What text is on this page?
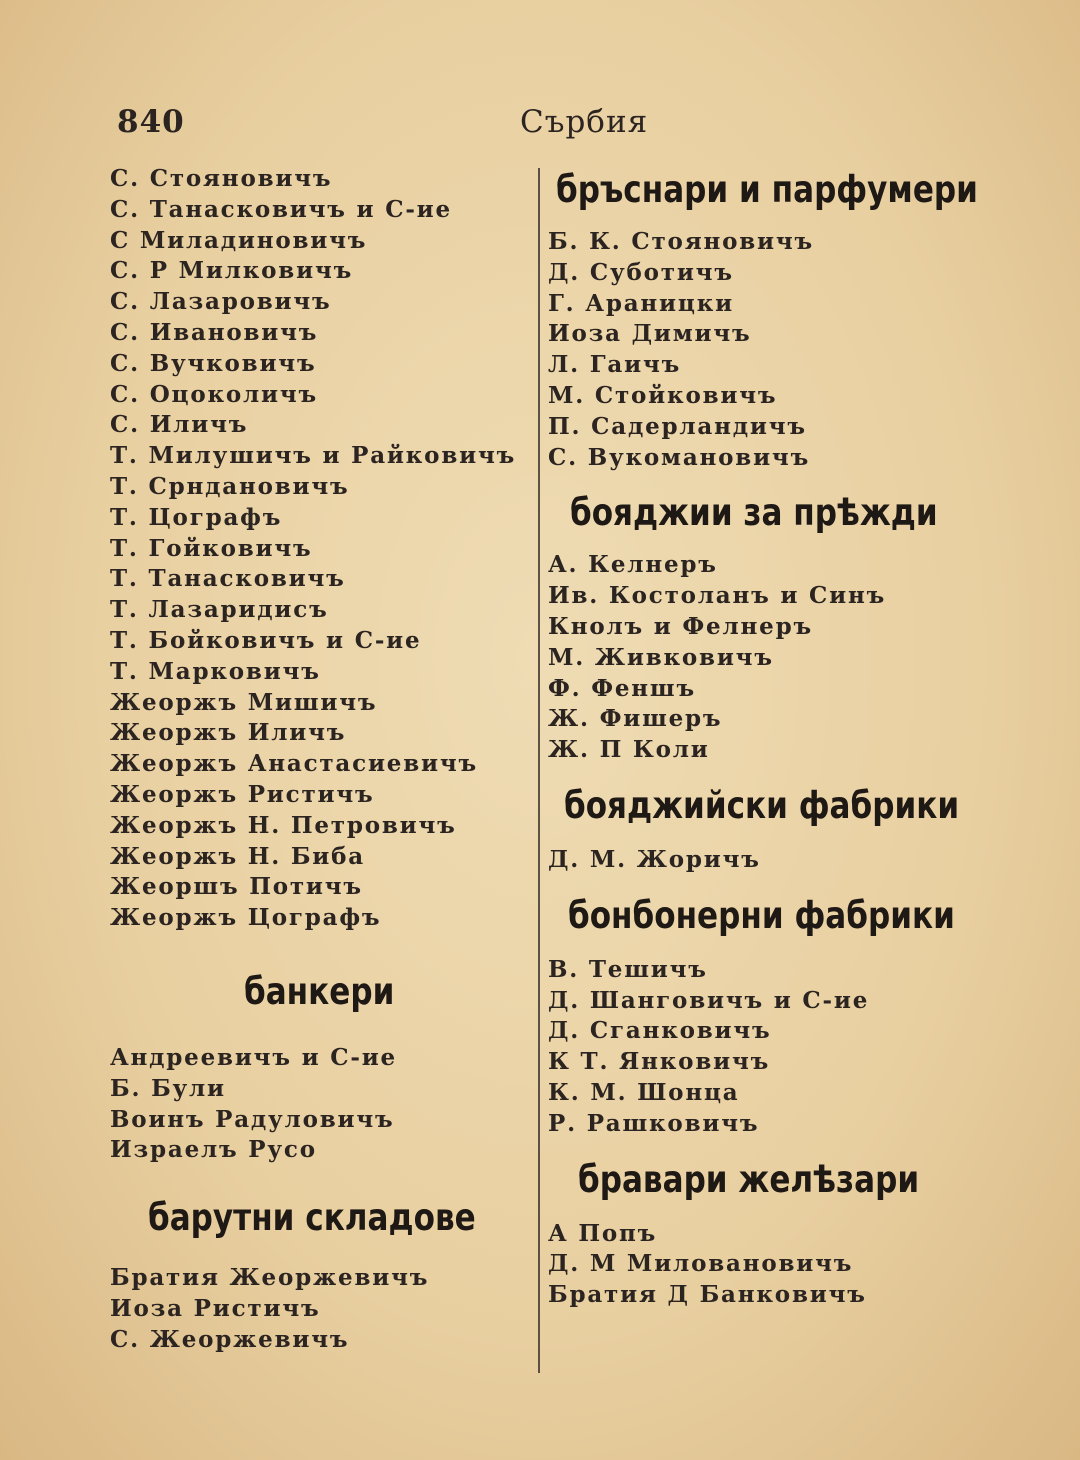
840	Сърбия
С. Стояновичъ
С. Танасковичъ и С-ие
С Миладиновичъ
С. Р Милковичъ
С. Лазаровичъ
С. Ивановичъ
С. Вучковичъ
С. Оцоколичъ
С. Иличъ
Т. Милушичъ и Райковичъ
Т. Срндановичъ
Т. Цографъ
Т. Гойковичъ
Т. Танасковичъ
Т. Лазаридисъ
Т. Бойковичъ и С-ие
Т. Марковичъ
Жеоржъ Мишичъ
Жеоржъ Иличъ
Жеоржъ Анастасиевичъ
Жеоржъ Ристичъ
Жеоржъ Н. Петровичъ
Жеоржъ Н. Биба
Жеоршъ Потичъ
Жеоржъ Цографъ
банкери
Андреевичъ и С-ие
Б. Були
Воинъ Радуловичъ
Израелъ Русо
барутни складове
Братия Жеоржевичъ
Иоза Ристичъ
С. Жеоржевичъ
бръснари и парфумери
Б. К. Стояновичъ
Д. Суботичъ
Г. Араницки
Иоза Димичъ
Л. Гаичъ
М. Стойковичъ
П. Садерландичъ
С. Вукомановичъ
бояджии за прѣжди
А. Келнеръ
Ив. Костоланъ и Синъ
Кнолъ и Фелнеръ
М. Живковичъ
Ф. Феншъ
Ж. Фишеръ
Ж. П Коли
бояджийски фабрики
Д. М. Жоричъ
бонбонерни фабрики
В. Тешичъ
Д. Шанговичъ и С-ие
Д. Сганковичъ
К Т. Янковичъ
К. М. Шонца
Р. Рашковичъ
бравари желѣзари
А Попъ
Д. М Миловановичъ
Братия Д Банковичъ
